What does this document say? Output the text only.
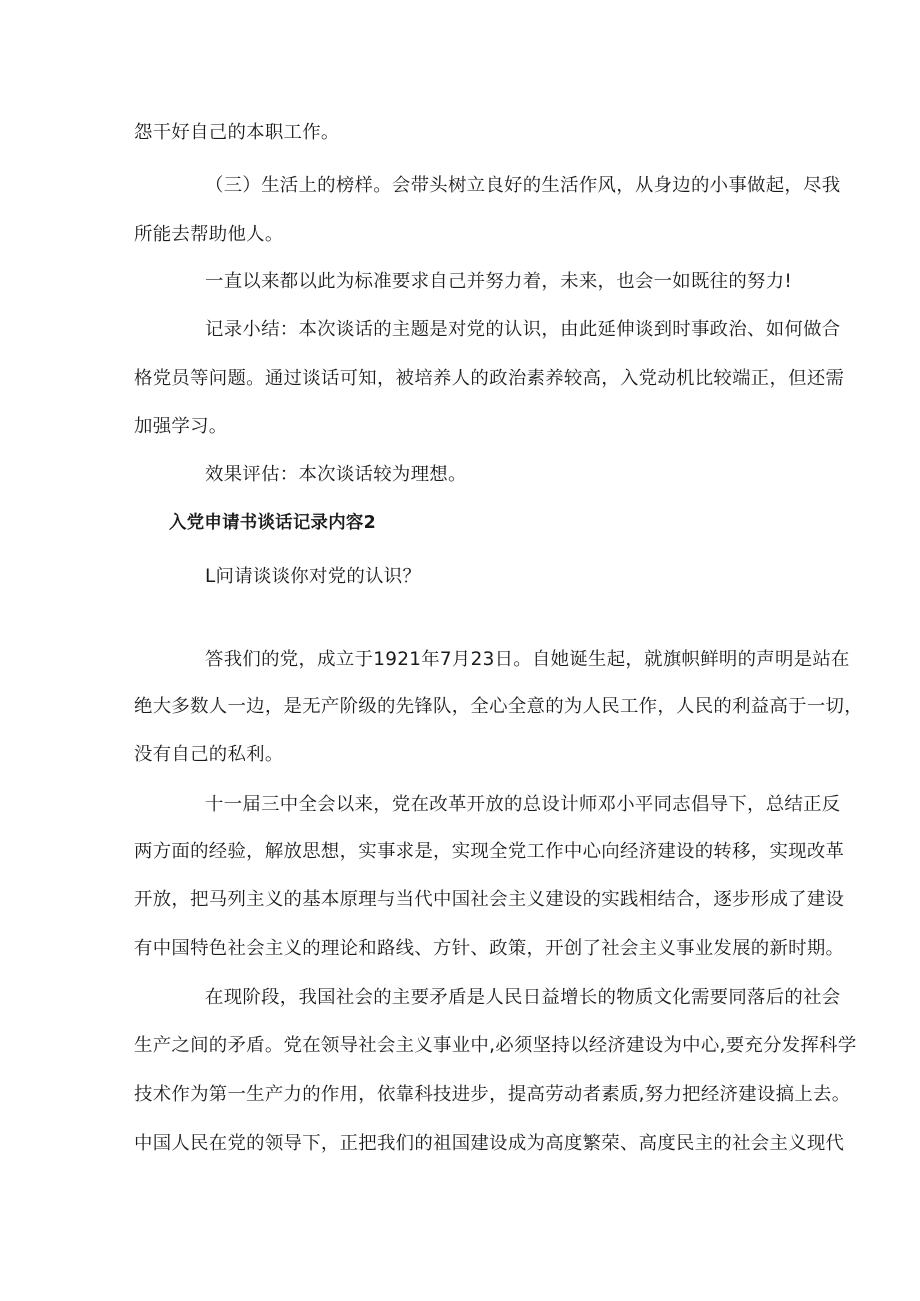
怨干好自己的本职工作。
（三）生活上的榜样。会带头树立良好的生活作风，从身边的小事做起，尽我
所能去帮助他人。
一直以来都以此为标准要求自己并努力着，未来，也会一如既往的努力!
记录小结：本次谈话的主题是对党的认识，由此延伸谈到时事政治、如何做合
格党员等问题。通过谈话可知，被培养人的政治素养较高，入党动机比较端正，但还需
加强学习。
效果评估：本次谈话较为理想。
入党申请书谈话记录内容2
L问请谈谈你对党的认识？
答我们的党，成立于1921年7月23日。自她诞生起，就旗帜鲜明的声明是站在
绝大多数人一边，是无产阶级的先锋队，全心全意的为人民工作，人民的利益高于一切，
没有自己的私利。
十一届三中全会以来，党在改革开放的总设计师邓小平同志倡导下，总结正反
两方面的经验，解放思想，实事求是，实现全党工作中心向经济建设的转移，实现改革
开放，把马列主义的基本原理与当代中国社会主义建设的实践相结合，逐步形成了建设
有中国特色社会主义的理论和路线、方针、政策，开创了社会主义事业发展的新时期。
在现阶段，我国社会的主要矛盾是人民日益增长的物质文化需要同落后的社会
生产之间的矛盾。党在领导社会主义事业中,必须坚持以经济建设为中心,要充分发挥科学
技术作为第一生产力的作用，依靠科技进步，提高劳动者素质,努力把经济建设搞上去。
中国人民在党的领导下，正把我们的祖国建设成为高度繁荣、高度民主的社会主义现代
